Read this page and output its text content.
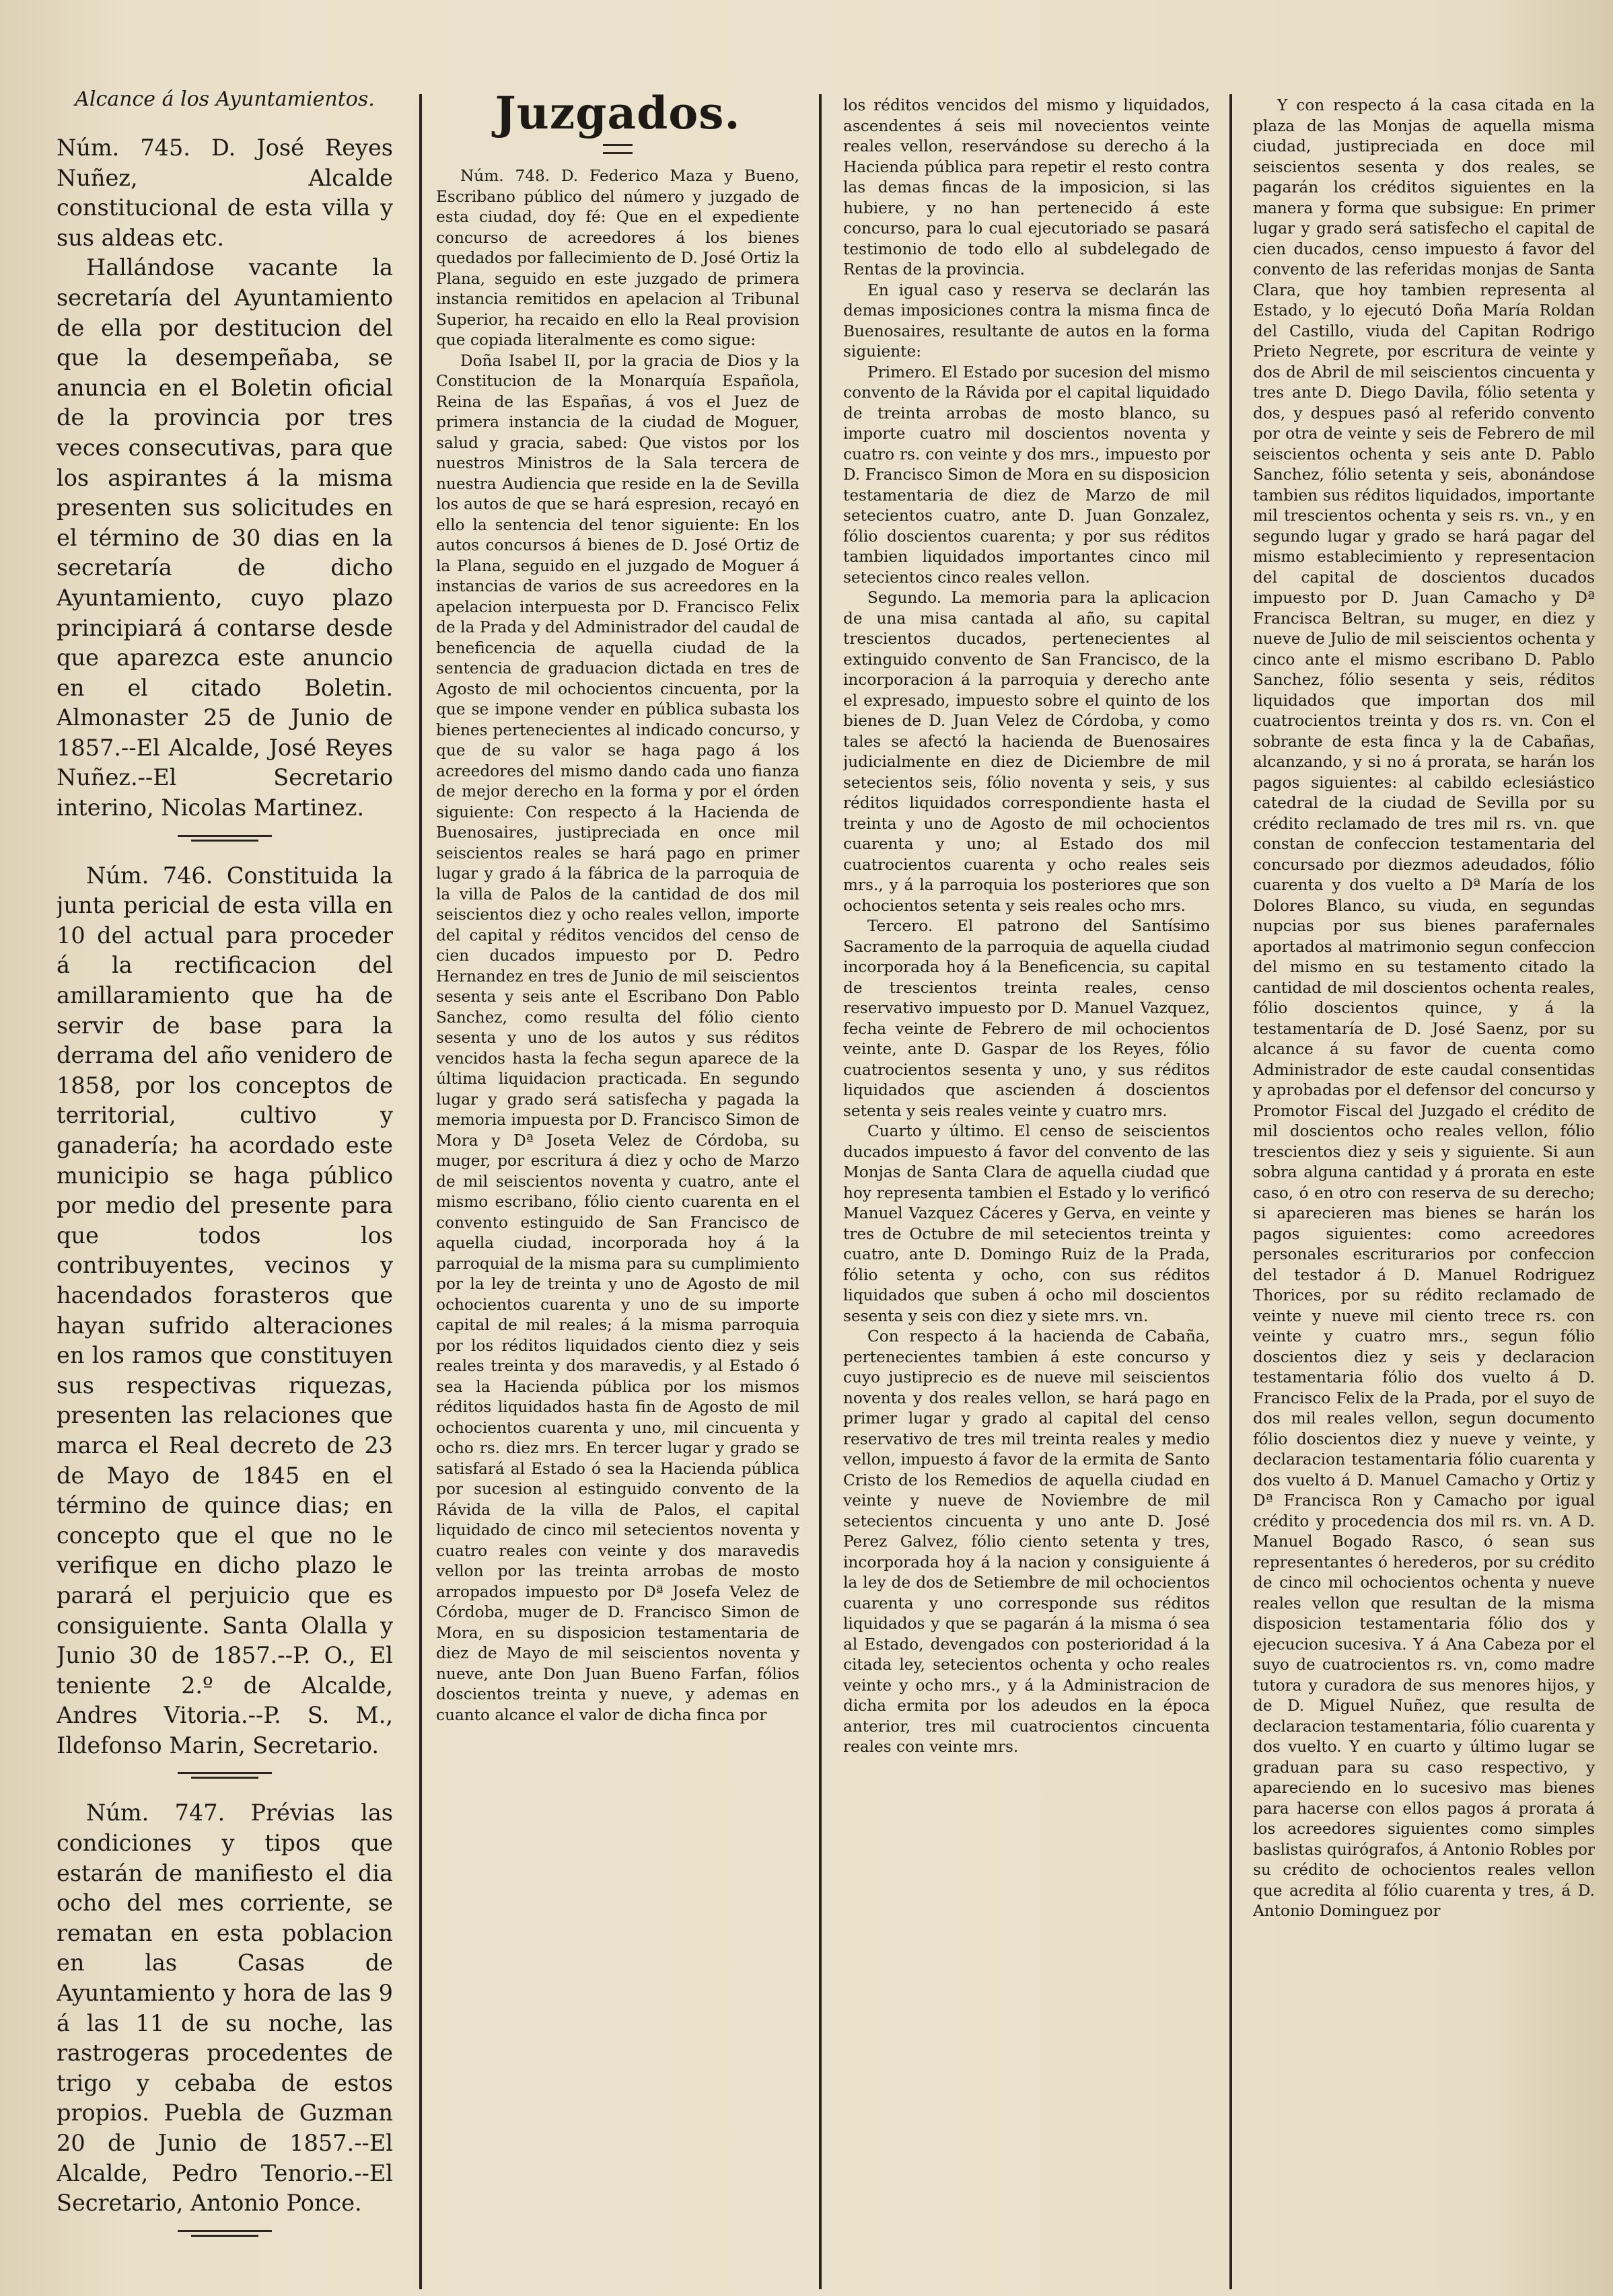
Alcance á los Ayuntamientos.

Núm. 745. D. José Reyes Nuñez, Alcalde constitucional de esta villa y sus aldeas etc.

Hallándose vacante la secretaría del Ayuntamiento de ella por destitucion del que la desempeñaba, se anuncia en el Boletin oficial de la provincia por tres veces consecutivas, para que los aspirantes á la misma presenten sus solicitudes en el término de 30 dias en la secretaría de dicho Ayuntamiento, cuyo plazo principiará á contarse desde que aparezca este anuncio en el citado Boletin. Almonaster 25 de Junio de 1857.--El Alcalde, José Reyes Nuñez.--El Secretario interino, Nicolas Martinez.

Núm. 746. Constituida la junta pericial de esta villa en 10 del actual para proceder á la rectificacion del amillaramiento que ha de servir de base para la derrama del año venidero de 1858, por los conceptos de territorial, cultivo y ganadería; ha acordado este municipio se haga público por medio del presente para que todos los contribuyentes, vecinos y hacendados forasteros que hayan sufrido alteraciones en los ramos que constituyen sus respectivas riquezas, presenten las relaciones que marca el Real decreto de 23 de Mayo de 1845 en el término de quince dias; en concepto que el que no le verifique en dicho plazo le parará el perjuicio que es consiguiente. Santa Olalla y Junio 30 de 1857.--P. O., El teniente 2.º de Alcalde, Andres Vitoria.--P. S. M., Ildefonso Marin, Secretario.

Núm. 747. Prévias las condiciones y tipos que estarán de manifiesto el dia ocho del mes corriente, se rematan en esta poblacion en las Casas de Ayuntamiento y hora de las 9 á las 11 de su noche, las rastrogeras procedentes de trigo y cebaba de estos propios. Puebla de Guzman 20 de Junio de 1857.--El Alcalde, Pedro Tenorio.--El Secretario, Antonio Ponce.

Juzgados.

Núm. 748. D. Federico Maza y Bueno, Escribano público del número y juzgado de esta ciudad, doy fé: Que en el expediente concurso de acreedores á los bienes quedados por fallecimiento de D. José Ortiz la Plana, seguido en este juzgado de primera instancia remitidos en apelacion al Tribunal Superior, ha recaido en ello la Real provision que copiada literalmente es como sigue:

Doña Isabel II, por la gracia de Dios y la Constitucion de la Monarquía Española, Reina de las Españas, á vos el Juez de primera instancia de la ciudad de Moguer, salud y gracia, sabed: Que vistos por los nuestros Ministros de la Sala tercera de nuestra Audiencia que reside en la de Sevilla los autos de que se hará espresion, recayó en ello la sentencia del tenor siguiente: En los autos concursos á bienes de D. José Ortiz de la Plana, seguido en el juzgado de Moguer á instancias de varios de sus acreedores en la apelacion interpuesta por D. Francisco Felix de la Prada y del Administrador del caudal de beneficencia de aquella ciudad de la sentencia de graduacion dictada en tres de Agosto de mil ochocientos cincuenta, por la que se impone vender en pública subasta los bienes pertenecientes al indicado concurso, y que de su valor se haga pago á los acreedores del mismo dando cada uno fianza de mejor derecho en la forma y por el órden siguiente: Con respecto á la Hacienda de Buenosaires, justipreciada en once mil seiscientos reales se hará pago en primer lugar y grado á la fábrica de la parroquia de la villa de Palos de la cantidad de dos mil seiscientos diez y ocho reales vellon, importe del capital y réditos vencidos del censo de cien ducados impuesto por D. Pedro Hernandez en tres de Junio de mil seiscientos sesenta y seis ante el Escribano Don Pablo Sanchez, como resulta del fólio ciento sesenta y uno de los autos y sus réditos vencidos hasta la fecha segun aparece de la última liquidacion practicada. En segundo lugar y grado será satisfecha y pagada la memoria impuesta por D. Francisco Simon de Mora y Dª Joseta Velez de Córdoba, su muger, por escritura á diez y ocho de Marzo de mil seiscientos noventa y cuatro, ante el mismo escribano, fólio ciento cuarenta en el convento estinguido de San Francisco de aquella ciudad, incorporada hoy á la parroquial de la misma para su cumplimiento por la ley de treinta y uno de Agosto de mil ochocientos cuarenta y uno de su importe capital de mil reales; á la misma parroquia por los réditos liquidados ciento diez y seis reales treinta y dos maravedis, y al Estado ó sea la Hacienda pública por los mismos réditos liquidados hasta fin de Agosto de mil ochocientos cuarenta y uno, mil cincuenta y ocho rs. diez mrs. En tercer lugar y grado se satisfará al Estado ó sea la Hacienda pública por sucesion al estinguido convento de la Rávida de la villa de Palos, el capital liquidado de cinco mil setecientos noventa y cuatro reales con veinte y dos maravedis vellon por las treinta arrobas de mosto arropados impuesto por Dª Josefa Velez de Córdoba, muger de D. Francisco Simon de Mora, en su disposicion testamentaria de diez de Mayo de mil seiscientos noventa y nueve, ante Don Juan Bueno Farfan, fólios doscientos treinta y nueve, y ademas en cuanto alcance el valor de dicha finca por

los réditos vencidos del mismo y liquidados, ascendentes á seis mil novecientos veinte reales vellon, reservándose su derecho á la Hacienda pública para repetir el resto contra las demas fincas de la imposicion, si las hubiere, y no han pertenecido á este concurso, para lo cual ejecutoriado se pasará testimonio de todo ello al subdelegado de Rentas de la provincia.

En igual caso y reserva se declarán las demas imposiciones contra la misma finca de Buenosaires, resultante de autos en la forma siguiente:

Primero. El Estado por sucesion del mismo convento de la Rávida por el capital liquidado de treinta arrobas de mosto blanco, su importe cuatro mil doscientos noventa y cuatro rs. con veinte y dos mrs., impuesto por D. Francisco Simon de Mora en su disposicion testamentaria de diez de Marzo de mil setecientos cuatro, ante D. Juan Gonzalez, fólio doscientos cuarenta; y por sus réditos tambien liquidados importantes cinco mil setecientos cinco reales vellon.

Segundo. La memoria para la aplicacion de una misa cantada al año, su capital trescientos ducados, pertenecientes al extinguido convento de San Francisco, de la incorporacion á la parroquia y derecho ante el expresado, impuesto sobre el quinto de los bienes de D. Juan Velez de Córdoba, y como tales se afectó la hacienda de Buenosaires judicialmente en diez de Diciembre de mil setecientos seis, fólio noventa y seis, y sus réditos liquidados correspondiente hasta el treinta y uno de Agosto de mil ochocientos cuarenta y uno; al Estado dos mil cuatrocientos cuarenta y ocho reales seis mrs., y á la parroquia los posteriores que son ochocientos setenta y seis reales ocho mrs.

Tercero. El patrono del Santísimo Sacramento de la parroquia de aquella ciudad incorporada hoy á la Beneficencia, su capital de trescientos treinta reales, censo reservativo impuesto por D. Manuel Vazquez, fecha veinte de Febrero de mil ochocientos veinte, ante D. Gaspar de los Reyes, fólio cuatrocientos sesenta y uno, y sus réditos liquidados que ascienden á doscientos setenta y seis reales veinte y cuatro mrs.

Cuarto y último. El censo de seiscientos ducados impuesto á favor del convento de las Monjas de Santa Clara de aquella ciudad que hoy representa tambien el Estado y lo verificó Manuel Vazquez Cáceres y Gerva, en veinte y tres de Octubre de mil setecientos treinta y cuatro, ante D. Domingo Ruiz de la Prada, fólio setenta y ocho, con sus réditos liquidados que suben á ocho mil doscientos sesenta y seis con diez y siete mrs. vn.

Con respecto á la hacienda de Cabaña, pertenecientes tambien á este concurso y cuyo justiprecio es de nueve mil seiscientos noventa y dos reales vellon, se hará pago en primer lugar y grado al capital del censo reservativo de tres mil treinta reales y medio vellon, impuesto á favor de la ermita de Santo Cristo de los Remedios de aquella ciudad en veinte y nueve de Noviembre de mil setecientos cincuenta y uno ante D. José Perez Galvez, fólio ciento setenta y tres, incorporada hoy á la nacion y consiguiente á la ley de dos de Setiembre de mil ochocientos cuarenta y uno corresponde sus réditos liquidados y que se pagarán á la misma ó sea al Estado, devengados con posterioridad á la citada ley, setecientos ochenta y ocho reales veinte y ocho mrs., y á la Administracion de dicha ermita por los adeudos en la época anterior, tres mil cuatrocientos cincuenta reales con veinte mrs.

Y con respecto á la casa citada en la plaza de las Monjas de aquella misma ciudad, justipreciada en doce mil seiscientos sesenta y dos reales, se pagarán los créditos siguientes en la manera y forma que subsigue: En primer lugar y grado será satisfecho el capital de cien ducados, censo impuesto á favor del convento de las referidas monjas de Santa Clara, que hoy tambien representa al Estado, y lo ejecutó Doña María Roldan del Castillo, viuda del Capitan Rodrigo Prieto Negrete, por escritura de veinte y dos de Abril de mil seiscientos cincuenta y tres ante D. Diego Davila, fólio setenta y dos, y despues pasó al referido convento por otra de veinte y seis de Febrero de mil seiscientos ochenta y seis ante D. Pablo Sanchez, fólio setenta y seis, abonándose tambien sus réditos liquidados, importante mil trescientos ochenta y seis rs. vn., y en segundo lugar y grado se hará pagar del mismo establecimiento y representacion del capital de doscientos ducados impuesto por D. Juan Camacho y Dª Francisca Beltran, su muger, en diez y nueve de Julio de mil seiscientos ochenta y cinco ante el mismo escribano D. Pablo Sanchez, fólio sesenta y seis, réditos liquidados que importan dos mil cuatrocientos treinta y dos rs. vn. Con el sobrante de esta finca y la de Cabañas, alcanzando, y si no á prorata, se harán los pagos siguientes: al cabildo eclesiástico catedral de la ciudad de Sevilla por su crédito reclamado de tres mil rs. vn. que constan de confeccion testamentaria del concursado por diezmos adeudados, fólio cuarenta y dos vuelto a Dª María de los Dolores Blanco, su viuda, en segundas nupcias por sus bienes parafernales aportados al matrimonio segun confeccion del mismo en su testamento citado la cantidad de mil doscientos ochenta reales, fólio doscientos quince, y á la testamentaría de D. José Saenz, por su alcance á su favor de cuenta como Administrador de este caudal consentidas y aprobadas por el defensor del concurso y Promotor Fiscal del Juzgado el crédito de mil doscientos ocho reales vellon, fólio trescientos diez y seis y siguiente. Si aun sobra alguna cantidad y á prorata en este caso, ó en otro con reserva de su derecho; si aparecieren mas bienes se harán los pagos siguientes: como acreedores personales escriturarios por confeccion del testador á D. Manuel Rodriguez Thorices, por su rédito reclamado de veinte y nueve mil ciento trece rs. con veinte y cuatro mrs., segun fólio doscientos diez y seis y declaracion testamentaria fólio dos vuelto á D. Francisco Felix de la Prada, por el suyo de dos mil reales vellon, segun documento fólio doscientos diez y nueve y veinte, y declaracion testamentaria fólio cuarenta y dos vuelto á D. Manuel Camacho y Ortiz y Dª Francisca Ron y Camacho por igual crédito y procedencia dos mil rs. vn. A D. Manuel Bogado Rasco, ó sean sus representantes ó herederos, por su crédito de cinco mil ochocientos ochenta y nueve reales vellon que resultan de la misma disposicion testamentaria fólio dos y ejecucion sucesiva. Y á Ana Cabeza por el suyo de cuatrocientos rs. vn, como madre tutora y curadora de sus menores hijos, y de D. Miguel Nuñez, que resulta de declaracion testamentaria, fólio cuarenta y dos vuelto. Y en cuarto y último lugar se graduan para su caso respectivo, y apareciendo en lo sucesivo mas bienes para hacerse con ellos pagos á prorata á los acreedores siguientes como simples baslistas quirógrafos, á Antonio Robles por su crédito de ochocientos reales vellon que acredita al fólio cuarenta y tres, á D. Antonio Dominguez por
